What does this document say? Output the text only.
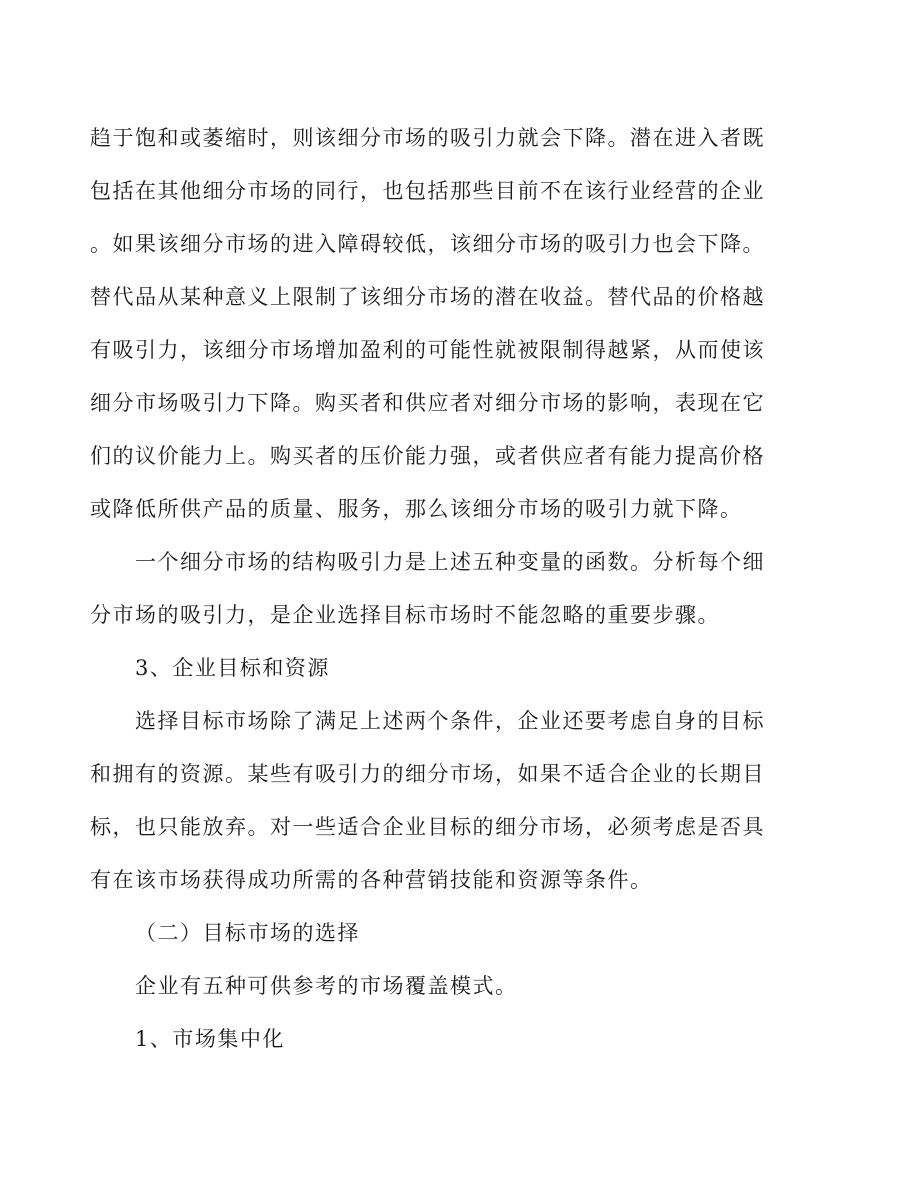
趋于饱和或萎缩时，则该细分市场的吸引力就会下降。潜在进入者既
包括在其他细分市场的同行，也包括那些目前不在该行业经营的企业
。如果该细分市场的进入障碍较低，该细分市场的吸引力也会下降。
替代品从某种意义上限制了该细分市场的潜在收益。替代品的价格越
有吸引力，该细分市场增加盈利的可能性就被限制得越紧，从而使该
细分市场吸引力下降。购买者和供应者对细分市场的影响，表现在它
们的议价能力上。购买者的压价能力强，或者供应者有能力提高价格
或降低所供产品的质量、服务，那么该细分市场的吸引力就下降。
一个细分市场的结构吸引力是上述五种变量的函数。分析每个细
分市场的吸引力，是企业选择目标市场时不能忽略的重要步骤。
3、企业目标和资源
选择目标市场除了满足上述两个条件，企业还要考虑自身的目标
和拥有的资源。某些有吸引力的细分市场，如果不适合企业的长期目
标，也只能放弃。对一些适合企业目标的细分市场，必须考虑是否具
有在该市场获得成功所需的各种营销技能和资源等条件。
（二）目标市场的选择
企业有五种可供参考的市场覆盖模式。
1、市场集中化
